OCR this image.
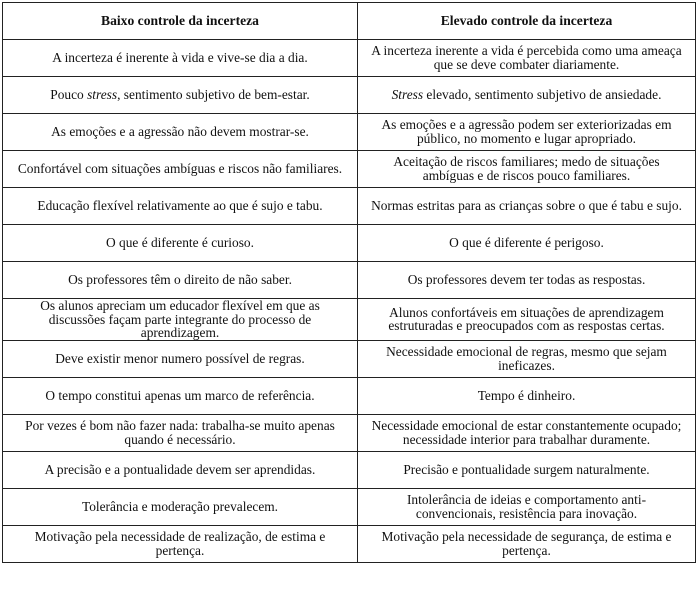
Baixo controle da incerteza	Elevado controle da incerteza
A incerteza é inerente à vida e vive-se dia a dia.	A incerteza inerente a vida é percebida como uma ameaça que se deve combater diariamente.
Pouco stress, sentimento subjetivo de bem-estar.	Stress elevado, sentimento subjetivo de ansiedade.
As emoções e a agressão não devem mostrar-se.	As emoções e a agressão podem ser exteriorizadas em público, no momento e lugar apropriado.
Confortável com situações ambíguas e riscos não familiares.	Aceitação de riscos familiares; medo de situações ambíguas e de riscos pouco familiares.
Educação flexível relativamente ao que é sujo e tabu.	Normas estritas para as crianças sobre o que é tabu e sujo.
O que é diferente é curioso.	O que é diferente é perigoso.
Os professores têm o direito de não saber.	Os professores devem ter todas as respostas.
Os alunos apreciam um educador flexível em que as discussões façam parte integrante do processo de aprendizagem.	Alunos confortáveis em situações de aprendizagem estruturadas e preocupados com as respostas certas.
Deve existir menor numero possível de regras.	Necessidade emocional de regras, mesmo que sejam ineficazes.
O tempo constitui apenas um marco de referência.	Tempo é dinheiro.
Por vezes é bom não fazer nada: trabalha-se muito apenas quando é necessário.	Necessidade emocional de estar constantemente ocupado; necessidade interior para trabalhar duramente.
A precisão e a pontualidade devem ser aprendidas.	Precisão e pontualidade surgem naturalmente.
Tolerância e moderação prevalecem.	Intolerância de ideias e comportamento anti-convencionais, resistência para inovação.
Motivação pela necessidade de realização, de estima e pertença.	Motivação pela necessidade de segurança, de estima e pertença.
